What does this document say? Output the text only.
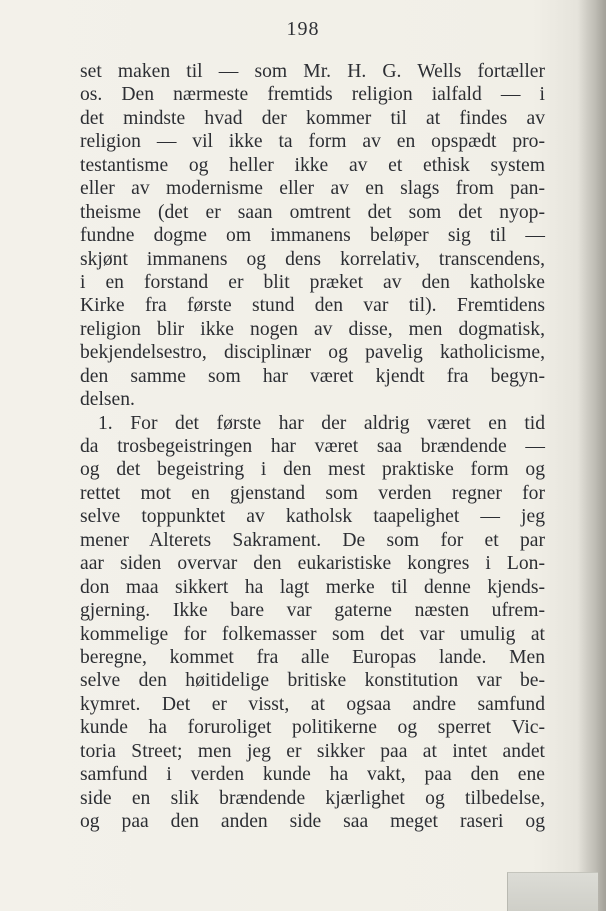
198
set maken til — som Mr. H. G. Wells fortæller
os. Den nærmeste fremtids religion ialfald — i
det mindste hvad der kommer til at findes av
religion — vil ikke ta form av en opspædt pro-
testantisme og heller ikke av et ethisk system
eller av modernisme eller av en slags from pan-
theisme (det er saan omtrent det som det nyop-
fundne dogme om immanens beløper sig til —
skjønt immanens og dens korrelativ, transcendens,
i en forstand er blit præket av den katholske
Kirke fra første stund den var til). Fremtidens
religion blir ikke nogen av disse, men dogmatisk,
bekjendelsestro, disciplinær og pavelig katholicisme,
den samme som har været kjendt fra begyn-
delsen.
1. For det første har der aldrig været en tid
da trosbegeistringen har været saa brændende —
og det begeistring i den mest praktiske form og
rettet mot en gjenstand som verden regner for
selve toppunktet av katholsk taapelighet — jeg
mener Alterets Sakrament. De som for et par
aar siden overvar den eukaristiske kongres i Lon-
don maa sikkert ha lagt merke til denne kjends-
gjerning. Ikke bare var gaterne næsten ufrem-
kommelige for folkemasser som det var umulig at
beregne, kommet fra alle Europas lande. Men
selve den høitidelige britiske konstitution var be-
kymret. Det er visst, at ogsaa andre samfund
kunde ha foruroliget politikerne og sperret Vic-
toria Street; men jeg er sikker paa at intet andet
samfund i verden kunde ha vakt, paa den ene
side en slik brændende kjærlighet og tilbedelse,
og paa den anden side saa meget raseri og
